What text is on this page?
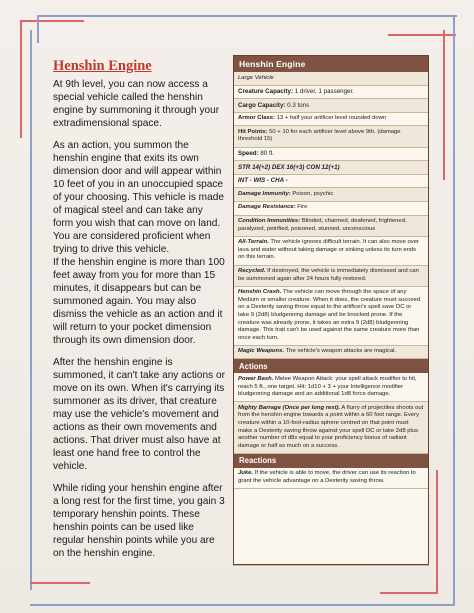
Henshin Engine

At 9th level, you can now access a special vehicle called the henshin engine by summoning it through your extradimensional space.

As an action, you summon the henshin engine that exits its own dimension door and will appear within 10 feet of you in an unoccupied space of your choosing. This vehicle is made of magical steel and can take any form you wish that can move on land. You are considered proficient when trying to drive this vehicle.
If the henshin engine is more than 100 feet away from you for more than 15 minutes, it disappears but can be summoned again. You may also dismiss the vehicle as an action and it will return to your pocket dimension through its own dimension door.

After the henshin engine is summoned, it can't take any actions or move on its own. When it's carrying its summoner as its driver, that creature may use the vehicle's movement and actions as their own movements and actions. That driver must also have at least one hand free to control the vehicle.

While riding your henshin engine after a long rest for the first time, you gain 3 temporary henshin points. These henshin points can be used like regular henshin points while you are on the henshin engine.

Henshin Engine
Large Vehicle
Creature Capacity: 1 driver, 1 passenger.
Cargo Capacity: 0.3 tons
Armor Class: 13 + half your artificer level rounded down
Hit Points: 50 + 10 for each artificer level above 9th. (damage threshold 15)
Speed: 80 ft.
STR 14(+2) DEX 16(+3) CON 12(+1)
INT - WIS - CHA -
Damage Immunity: Poison, psychic
Damage Resistance: Fire
Condition Immunities: Blinded, charmed, deafened, frightened, paralyzed, petrified, poisoned, stunned, unconscious
All-Terrain. The vehicle ignores difficult terrain. It can also move over lava and water without taking damage or sinking unless its turn ends on this terrain.
Recycled. If destroyed, the vehicle is immediately dismissed and can be summoned again after 24 hours fully restored.
Henshin Crash. The vehicle can move through the space of any Medium or smaller creature. When it does, the creature must succeed on a Dexterity saving throw equal to the artificer's spell save DC or take 9 (2d8) bludgeoning damage and be knocked prone. If the creature was already prone, it takes an extra 9 (2d8) bludgeoning damage. This trait can't be used against the same creature more than once each turn.
Magic Weapons. The vehicle's weapon attacks are magical.
Actions
Power Bash. Melee Weapon Attack: your spell attack modifier to hit, reach 5 ft., one target. Hit: 1d10 + 3 + your Intelligence modifier bludgeoning damage and an additional 1d8 force damage.
Mighty Barrage (Once per long rest). A flurry of projectiles shoots out from the henshin engine towards a point within a 60 foot range. Every creature within a 10-foot-radius sphere centred on that point must make a Dexterity saving throw against your spell DC or take 2d8 plus another number of d8s equal to your proficiency bonus of radiant damage or half as much on a success.
Reactions
Juke. If the vehicle is able to move, the driver can use its reaction to grant the vehicle advantage on a Dexterity saving throw.
